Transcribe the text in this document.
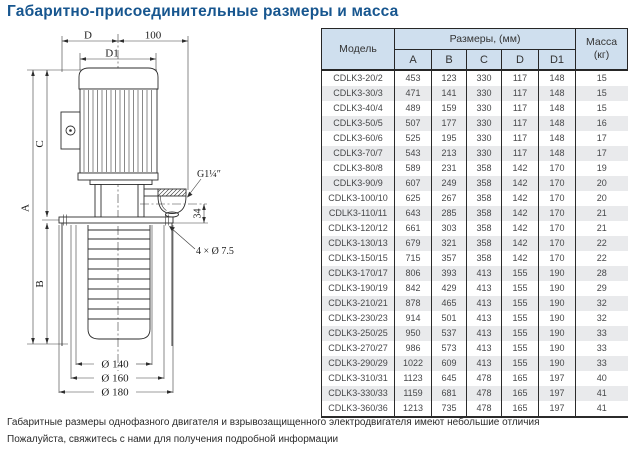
Габаритно-присоединительные размеры и масса
D	100
D1
G1¼″
34
4 × Ø 7.5
A
C
B
Ø 140
Ø 160
Ø 180
Модель	Размеры, (мм)					Масса
(кг)

	A	B	C	D	D1	
CDLK3-20/2	453	123	330	117	148	15
CDLK3-30/3	471	141	330	117	148	15
CDLK3-40/4	489	159	330	117	148	15
CDLK3-50/5	507	177	330	117	148	16
CDLK3-60/6	525	195	330	117	148	17
CDLK3-70/7	543	213	330	117	148	17
CDLK3-80/8	589	231	358	142	170	19
CDLK3-90/9	607	249	358	142	170	20
CDLK3-100/10	625	267	358	142	170	20
CDLK3-110/11	643	285	358	142	170	21
CDLK3-120/12	661	303	358	142	170	21
CDLK3-130/13	679	321	358	142	170	22
CDLK3-150/15	715	357	358	142	170	22
CDLK3-170/17	806	393	413	155	190	28
CDLK3-190/19	842	429	413	155	190	29
CDLK3-210/21	878	465	413	155	190	32
CDLK3-230/23	914	501	413	155	190	32
CDLK3-250/25	950	537	413	155	190	33
CDLK3-270/27	986	573	413	155	190	33
CDLK3-290/29	1022	609	413	155	190	33
CDLK3-310/31	1123	645	478	165	197	40
CDLK3-330/33	1159	681	478	165	197	41
CDLK3-360/36	1213	735	478	165	197	41
Габаритные размеры однофазного двигателя и взрывозащищенного электродвигателя имеют небольшие отличия
Пожалуйста, свяжитесь с нами для получения подробной информации
